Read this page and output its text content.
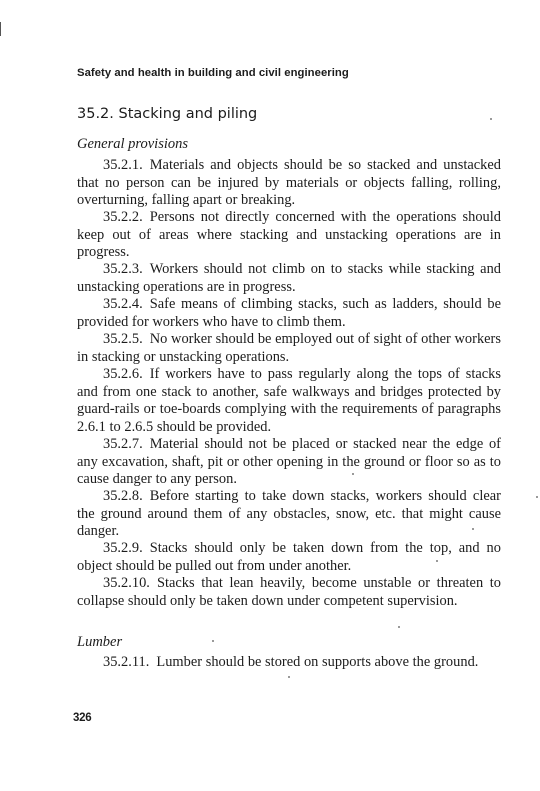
Safety and health in building and civil engineering
35.2. Stacking and piling
General provisions

35.2.1. Materials and objects should be so stacked and unstacked that no person can be injured by materials or objects falling, rolling, overturning, falling apart or breaking.

35.2.2. Persons not directly concerned with the operations should keep out of areas where stacking and unstacking operations are in progress.

35.2.3. Workers should not climb on to stacks while stacking and unstacking operations are in progress.

35.2.4. Safe means of climbing stacks, such as ladders, should be provided for workers who have to climb them.

35.2.5. No worker should be employed out of sight of other workers in stacking or unstacking operations.

35.2.6. If workers have to pass regularly along the tops of stacks and from one stack to another, safe walkways and bridges protected by guard-rails or toe-boards complying with the requirements of paragraphs 2.6.1 to 2.6.5 should be provided.

35.2.7. Material should not be placed or stacked near the edge of any excavation, shaft, pit or other opening in the ground or floor so as to cause danger to any person.

35.2.8. Before starting to take down stacks, workers should clear the ground around them of any obstacles, snow, etc. that might cause danger.

35.2.9. Stacks should only be taken down from the top, and no object should be pulled out from under another.

35.2.10. Stacks that lean heavily, become unstable or threaten to collapse should only be taken down under competent supervision.

Lumber

35.2.11. Lumber should be stored on supports above the ground.

326
